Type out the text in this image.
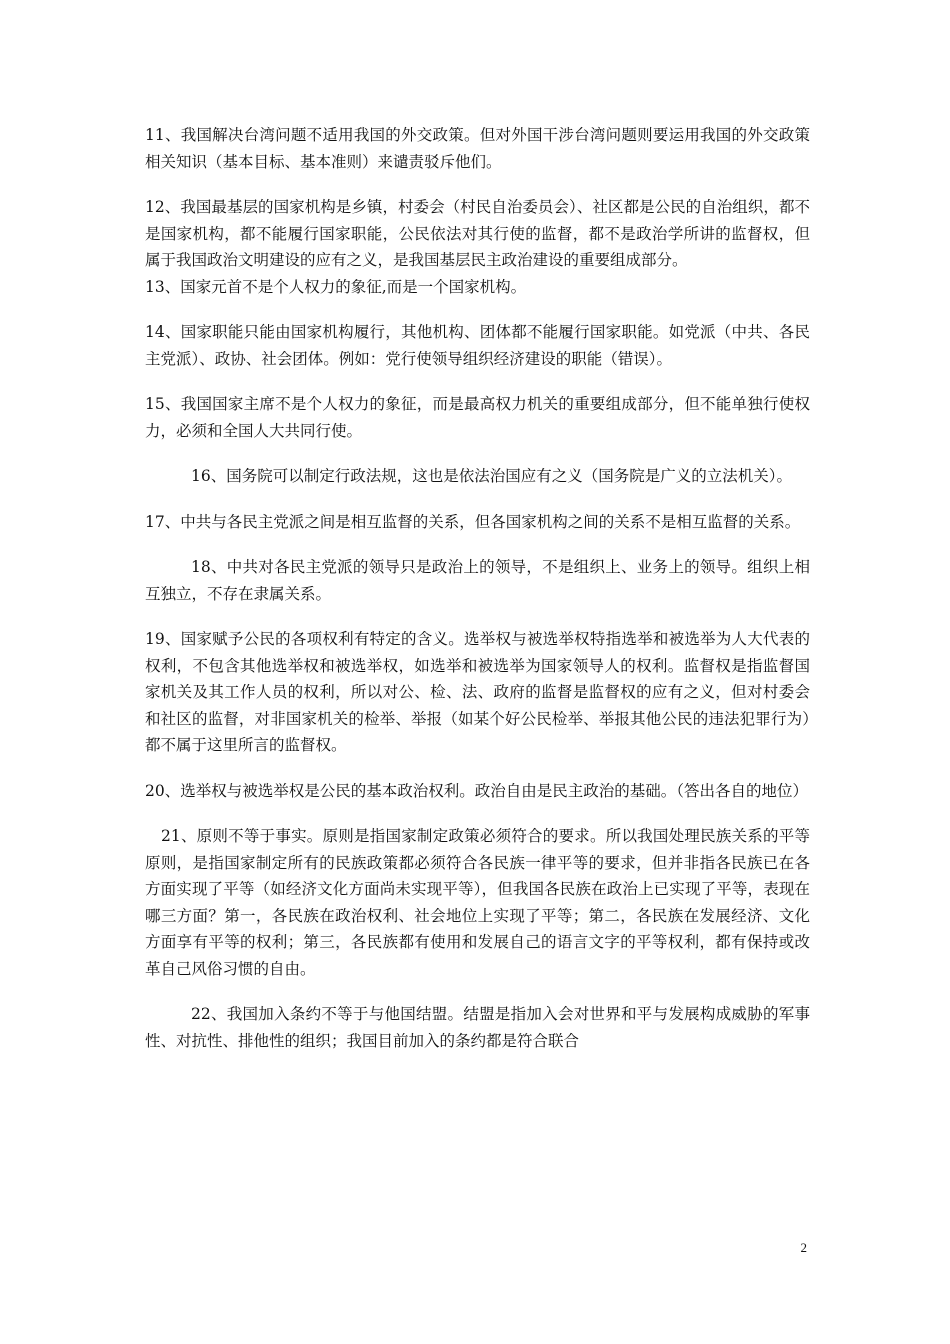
11、我国解决台湾问题不适用我国的外交政策。但对外国干涉台湾问题则要运用我国的外交政策相关知识（基本目标、基本准则）来谴责驳斥他们。

12、我国最基层的国家机构是乡镇，村委会（村民自治委员会）、社区都是公民的自治组织，都不是国家机构，都不能履行国家职能，公民依法对其行使的监督，都不是政治学所讲的监督权，但属于我国政治文明建设的应有之义，是我国基层民主政治建设的重要组成部分。

13、国家元首不是个人权力的象征,而是一个国家机构。

14、国家职能只能由国家机构履行，其他机构、团体都不能履行国家职能。如党派（中共、各民主党派）、政协、社会团体。例如：党行使领导组织经济建设的职能（错误）。

15、我国国家主席不是个人权力的象征，而是最高权力机关的重要组成部分，但不能单独行使权力，必须和全国人大共同行使。

16、国务院可以制定行政法规，这也是依法治国应有之义（国务院是广义的立法机关）。

17、中共与各民主党派之间是相互监督的关系，但各国家机构之间的关系不是相互监督的关系。

18、中共对各民主党派的领导只是政治上的领导，不是组织上、业务上的领导。组织上相互独立，不存在隶属关系。

19、国家赋予公民的各项权利有特定的含义。选举权与被选举权特指选举和被选举为人大代表的权利，不包含其他选举权和被选举权，如选举和被选举为国家领导人的权利。监督权是指监督国家机关及其工作人员的权利，所以对公、检、法、政府的监督是监督权的应有之义，但对村委会和社区的监督，对非国家机关的检举、举报（如某个好公民检举、举报其他公民的违法犯罪行为）都不属于这里所言的监督权。

20、选举权与被选举权是公民的基本政治权利。政治自由是民主政治的基础。（答出各自的地位）

21、原则不等于事实。原则是指国家制定政策必须符合的要求。所以我国处理民族关系的平等原则，是指国家制定所有的民族政策都必须符合各民族一律平等的要求，但并非指各民族已在各方面实现了平等（如经济文化方面尚未实现平等），但我国各民族在政治上已实现了平等，表现在哪三方面？第一，各民族在政治权利、社会地位上实现了平等；第二，各民族在发展经济、文化方面享有平等的权利；第三，各民族都有使用和发展自己的语言文字的平等权利，都有保持或改革自己风俗习惯的自由。

22、我国加入条约不等于与他国结盟。结盟是指加入会对世界和平与发展构成威胁的军事性、对抗性、排他性的组织；我国目前加入的条约都是符合联合

2
